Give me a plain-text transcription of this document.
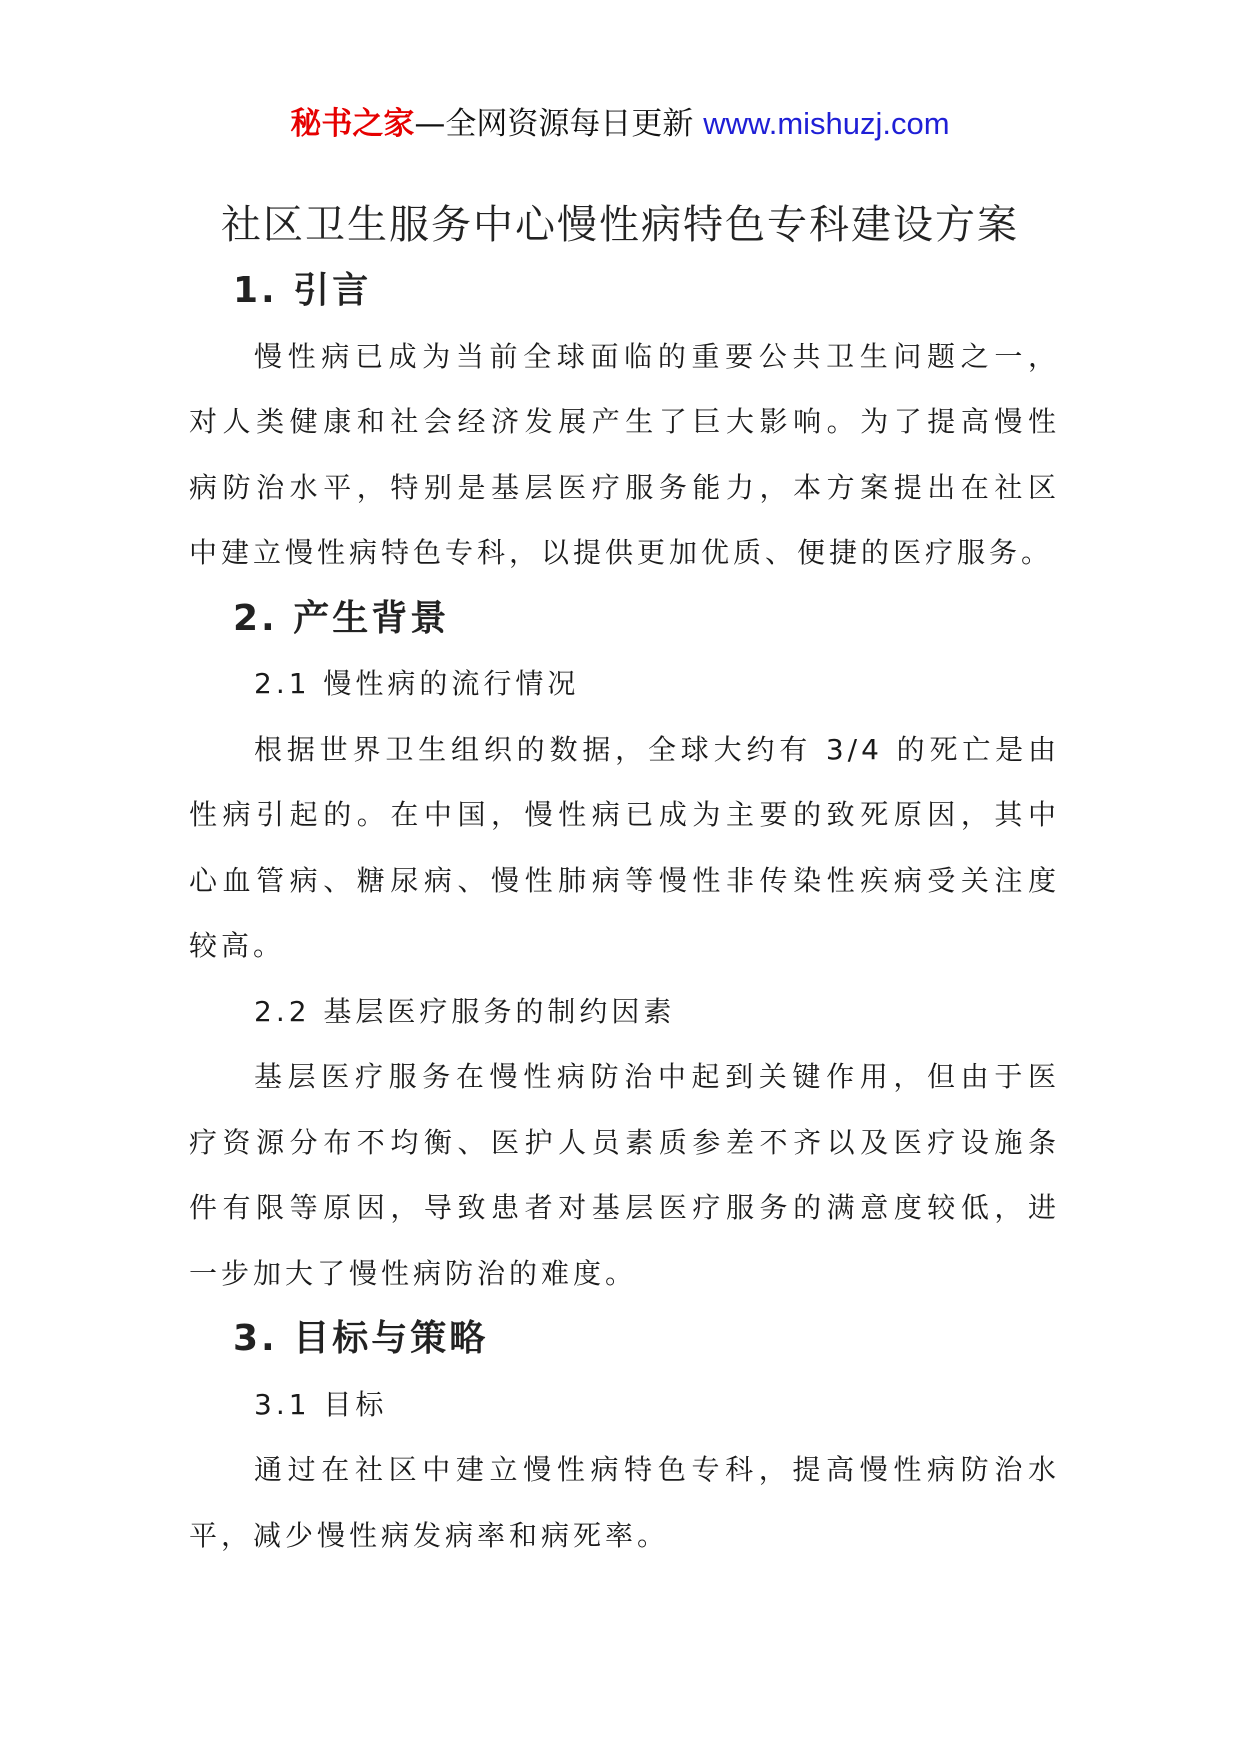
秘书之家—全网资源每日更新 www.mishuzj.com
社区卫生服务中心慢性病特色专科建设方案
1. 引言
慢性病已成为当前全球面临的重要公共卫生问题之一，
对人类健康和社会经济发展产生了巨大影响。为了提高慢性
病防治水平，特别是基层医疗服务能力，本方案提出在社区
中建立慢性病特色专科，以提供更加优质、便捷的医疗服务。
2. 产生背景
2.1 慢性病的流行情况
根据世界卫生组织的数据，全球大约有 3/4 的死亡是由
性病引起的。在中国，慢性病已成为主要的致死原因，其中
心血管病、糖尿病、慢性肺病等慢性非传染性疾病受关注度
较高。
2.2 基层医疗服务的制约因素
基层医疗服务在慢性病防治中起到关键作用，但由于医
疗资源分布不均衡、医护人员素质参差不齐以及医疗设施条
件有限等原因，导致患者对基层医疗服务的满意度较低，进
一步加大了慢性病防治的难度。
3. 目标与策略
3.1 目标
通过在社区中建立慢性病特色专科，提高慢性病防治水
平，减少慢性病发病率和病死率。
